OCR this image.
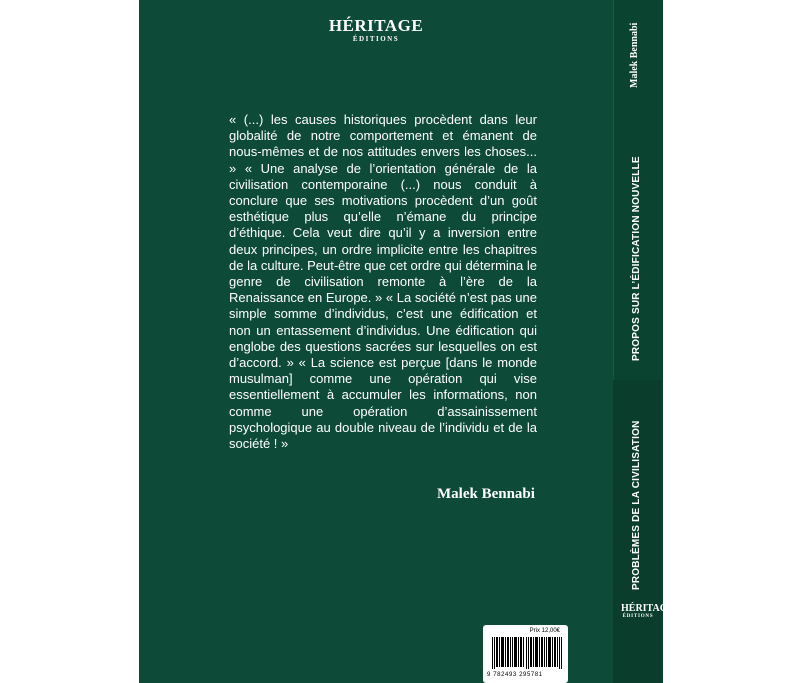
HÉRITAGE
ÉDITIONS
« (...) les causes historiques procèdent dans leur globalité de notre comportement et émanent de nous-mêmes et de nos attitudes envers les choses... » « Une analyse de l’orientation générale de la civilisation contemporaine (...) nous conduit à conclure que ses motivations procèdent d’un goût esthétique plus qu’elle n’émane du principe d’éthique. Cela veut dire qu’il y a inversion entre deux principes, un ordre implicite entre les chapitres de la culture. Peut-être que cet ordre qui détermina le genre de civilisation remonte à l’ère de la Renaissance en Europe. » « La société n’est pas une simple somme d’individus, c’est une édification et non un entassement d’individus. Une édification qui englobe des questions sacrées sur lesquelles on est d’accord. » « La science est perçue [dans le monde musulman] comme une opération qui vise essentiellement à accumuler les informations, non comme une opération d’assainissement psychologique au double niveau de l’individu et de la société ! »
Malek Bennabi
Prix 12,00€
9 782493 295781
Malek Bennabi
PROPOS SUR L’ÉDIFICATION NOUVELLE
PROBLÈMES DE LA CIVILISATION
HÉRITAGE
ÉDITIONS
